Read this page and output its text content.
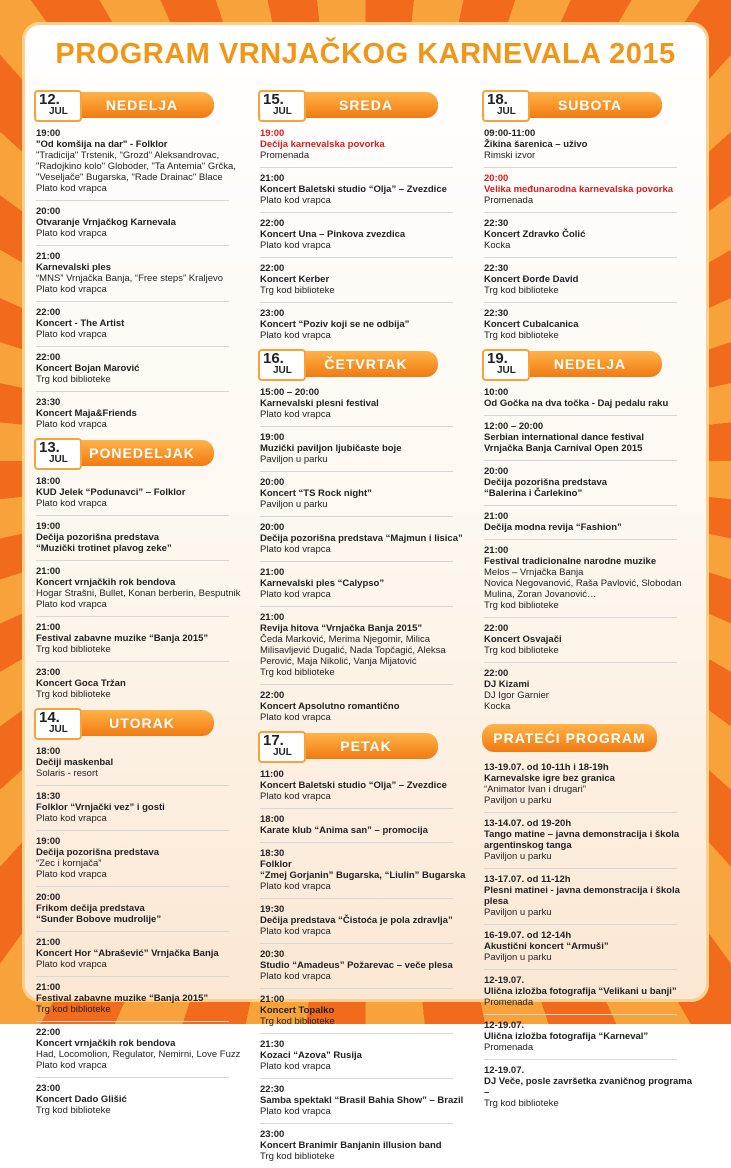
PROGRAM VRNJAČKOG KARNEVALA 2015
12.
JUL	NEDELJA
19:00
"Od komšija na dar" - Folklor
"Tradicija" Trstenik, "Grozd" Aleksandrovac,
"Radojkino kolo" Globoder, "Ta Antemia" Grčka,
"Veseljače" Bugarska, "Rade Drainac" Blace
Plato kod vrapca
20:00
Otvaranje Vrnjačkog Karnevala
Plato kod vrapca
21:00
Karnevalski ples
“MNS” Vrnjačka Banja, “Free steps” Kraljevo
Plato kod vrapca
22:00
Koncert - The Artist
Plato kod vrapca
22:00
Koncert Bojan Marović
Trg kod biblioteke
23:30
Koncert Maja&Friends
Plato kod vrapca
13.
JUL	PONEDELJAK
18:00
KUD Jelek “Podunavci” – Folklor
Plato kod vrapca
19:00
Dečija pozorišna predstava
“Muzički trotinet plavog zeke”
21:00
Koncert vrnjačkih rok bendova
Hogar Strašni, Bullet, Konan berberin, Besputnik
Plato kod vrapca
21:00
Festival zabavne muzike “Banja 2015”
Trg kod biblioteke
23:00
Koncert Goca Tržan
Trg kod biblioteke
14.
JUL	UTORAK
18:00
Dečiji maskenbal
Solaris - resort
18:30
Folklor “Vrnjački vez” i gosti
Plato kod vrapca
19:00
Dečija pozorišna predstava
“Zec i kornjača”
Plato kod vrapca
20:00
Frikom dečija predstava
“Sunđer Bobove mudrolije”
21:00
Koncert Hor “Abrašević” Vrnjačka Banja
Plato kod vrapca
21:00
Festival zabavne muzike “Banja 2015”
Trg kod biblioteke
22:00
Koncert vrnjačkih rok bendova
Had, Locomolion, Regulator, Nemirni, Love Fuzz
Plato kod vrapca
23:00
Koncert Dado Glišić
Trg kod biblioteke
15.
JUL	SREDA
19:00
Dečija karnevalska povorka
Promenada
21:00
Koncert Baletski studio “Olja” – Zvezdice
Plato kod vrapca
22:00
Koncert Una – Pinkova zvezdica
Plato kod vrapca
22:00
Koncert Kerber
Trg kod biblioteke
23:00
Koncert “Poziv koji se ne odbija”
Plato kod vrapca
16.
JUL	ČETVRTAK
15:00 – 20:00
Karnevalski plesni festival
Plato kod vrapca
19:00
Muzički paviljon ljubičaste boje
Paviljon u parku
20:00
Koncert “TS Rock night”
Paviljon u parku
20:00
Dečija pozorišna predstava “Majmun i lisica”
Plato kod vrapca
21:00
Karnevalski ples “Calypso”
Plato kod vrapca
21:00
Revija hitova “Vrnjačka Banja 2015”
Čeda Marković, Merima Njegomir, Milica
Milisavljević Dugalić, Nada Topčagić, Aleksa
Perović, Maja Nikolić, Vanja Mijatović
Trg kod biblioteke
22:00
Koncert Apsolutno romantično
Plato kod vrapca
17.
JUL	PETAK
11:00
Koncert Baletski studio “Olja” – Zvezdice
Plato kod vrapca
18:00
Karate klub “Anima san” – promocija
18:30
Folklor
“Zmej Gorjanin” Bugarska, “Liulin” Bugarska
Plato kod vrapca
19:30
Dečija predstava “Čistoća je pola zdravlja”
Plato kod vrapca
20:30
Studio “Amadeus” Požarevac – veče plesa
Plato kod vrapca
21:00
Koncert Topalko
Trg kod biblioteke
21:30
Kozaci “Azova” Rusija
Plato kod vrapca
22:30
Samba spektakl “Brasil Bahia Show” – Brazil
Plato kod vrapca
23:00
Koncert Branimir Banjanin illusion band
Trg kod biblioteke
18.
JUL	SUBOTA
09:00-11:00
Žikina šarenica – uživo
Rimski izvor
20:00
Velika međunarodna karnevalska povorka
Promenada
22:30
Koncert Zdravko Čolić
Kocka
22:30
Koncert Đorđe David
Trg kod biblioteke
22:30
Koncert Cubalcanica
Trg kod biblioteke
19.
JUL	NEDELJA
10:00
Od Gočka na dva točka - Daj pedalu raku
12:00 – 20:00
Serbian international dance festival
Vrnjačka Banja Carnival Open 2015
20:00
Dečija pozorišna predstava
“Balerina i Čarlekino”
21:00
Dečija modna revija “Fashion”
21:00
Festival tradicionalne narodne muzike
Melos – Vrnjačka Banja
Novica Negovanović, Raša Pavlović, Slobodan
Mulina, Zoran Jovanović…
Trg kod biblioteke
22:00
Koncert Osvajači
Trg kod biblioteke
22:00
DJ Kizami
DJ Igor Garnier
Kocka
PRATEĆI PROGRAM
13-19.07. od 10-11h i 18-19h
Karnevalske igre bez granica
“Animator Ivan i drugari”
Paviljon u parku
13-14.07. od 19-20h
Tango matine – javna demonstracija i škola argentinskog tanga
Paviljon u parku
13-17.07. od 11-12h
Plesni matinei - javna demonstracija i škola plesa
Paviljon u parku
16-19.07. od 12-14h
Akustični koncert “Armuši”
Paviljon u parku
12-19.07.
Ulična izložba fotografija “Velikani u banji”
Promenada
12-19.07.
Ulična izložba fotografija “Karneval”
Promenada
12-19.07.
DJ Veče, posle završetka zvaničnog programa –
Trg kod biblioteke
